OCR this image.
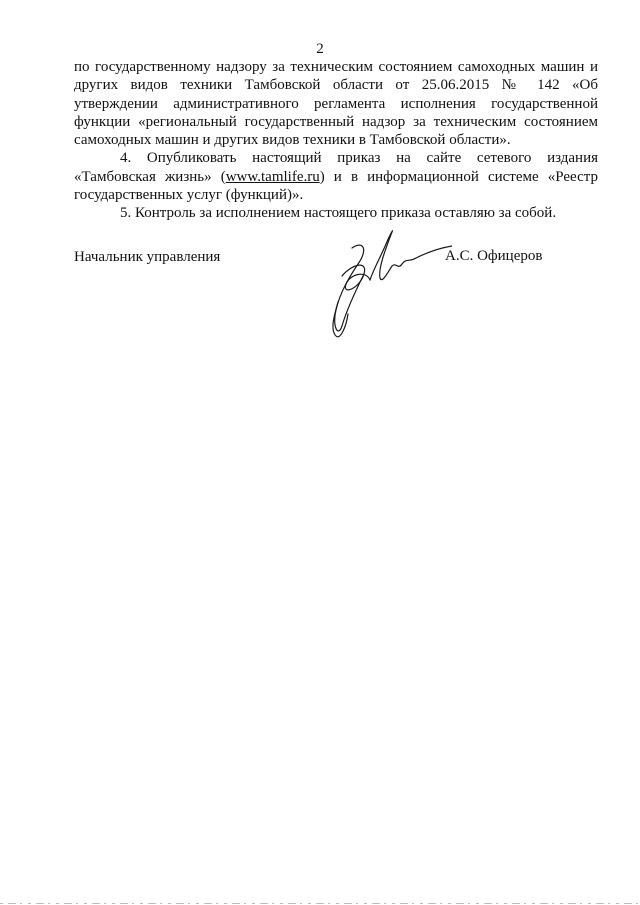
2

по государственному надзору за техническим состоянием самоходных машин и
других видов техники Тамбовской области от 25.06.2015 № 142 «Об
утверждении административного регламента исполнения государственной
функции «региональный государственный надзор за техническим состоянием
самоходных машин и других видов техники в Тамбовской области».

4. Опубликовать настоящий приказ на сайте сетевого издания
«Тамбовская жизнь» (www.tamlife.ru) и в информационной системе «Реестр
государственных услуг (функций)».

5. Контроль за исполнением настоящего приказа оставляю за собой.

Начальник управления	А.С. Офицеров
